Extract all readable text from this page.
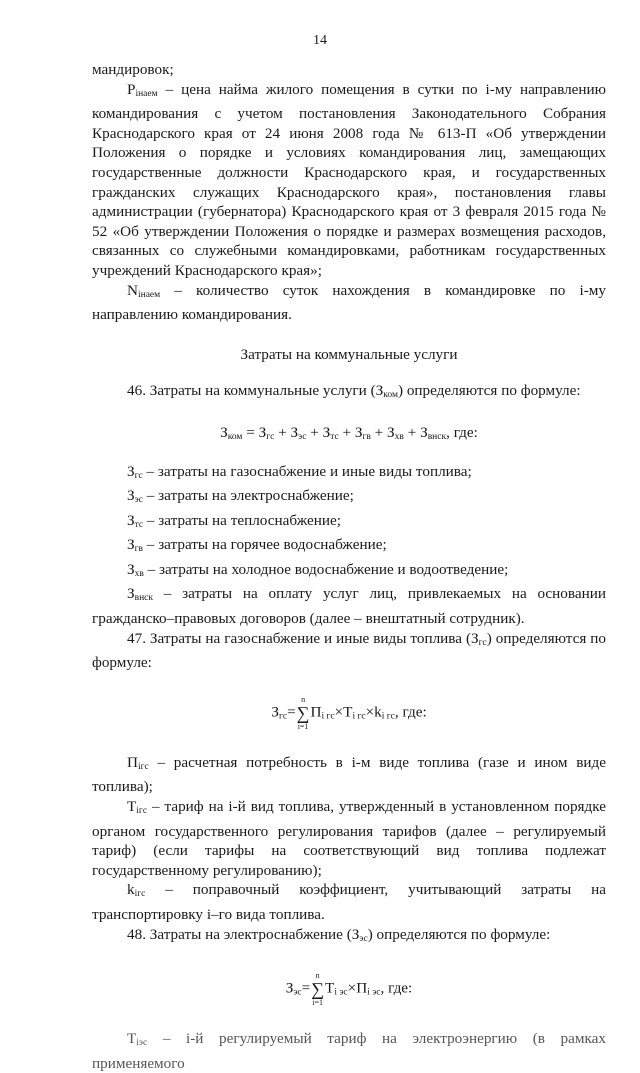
14

мандировок;

$P_{iнаем}$ – цена найма жилого помещения в сутки по i-му направлению командирования с учетом постановления Законодательного Собрания Краснодарского края от 24 июня 2008 года № 613-П «Об утверждении Положения о порядке и условиях командирования лиц, замещающих государственные должности Краснодарского края, и государственных гражданских служащих Краснодарского края», постановления главы администрации (губернатора) Краснодарского края от 3 февраля 2015 года № 52 «Об утверждении Положения о порядке и размерах возмещения расходов, связанных со служебными командировками, работникам государственных учреждений Краснодарского края»;

$N_{iнаем}$ – количество суток нахождения в командировке по i-му направлению командирования.

Затраты на коммунальные услуги

46. Затраты на коммунальные услуги $(З_{ком})$ определяются по формуле:

$З_{ком} = З_{гс} + З_{эс} + З_{тс} + З_{гв} + З_{хв} + З_{внск}$, где:

$З_{гс}$ – затраты на газоснабжение и иные виды топлива;

$З_{эс}$ – затраты на электроснабжение;

$З_{тс}$ – затраты на теплоснабжение;

$З_{гв}$ – затраты на горячее водоснабжение;

$З_{хв}$ – затраты на холодное водоснабжение и водоотведение;

$З_{внск}$ – затраты на оплату услуг лиц, привлекаемых на основании гражданско–правовых договоров (далее – внештатный сотрудник).

47. Затраты на газоснабжение и иные виды топлива $(З_{гс})$ определяются по формуле:

$З_{гс}=$
n
∑
i=1
$П_{i гс}\times Т_{i гс}\times k_{i гс}$, где:

$П_{iгс}$ – расчетная потребность в i-м виде топлива (газе и ином виде топлива);

$Т_{iгс}$ – тариф на i-й вид топлива, утвержденный в установленном порядке органом государственного регулирования тарифов (далее – регулируемый тариф) (если тарифы на соответствующий вид топлива подлежат государственному регулированию);

$k_{iгс}$ – поправочный коэффициент, учитывающий затраты на транспортировку i–го вида топлива.

48. Затраты на электроснабжение $(З_{эс})$ определяются по формуле:

$З_{эс}=$
n
∑
i=1
$Т_{i эс}\times П_{i эс}$, где:

$Т_{iэс} - i-й$ регулируемый тариф на электроэнергию (в рамках применяемого
